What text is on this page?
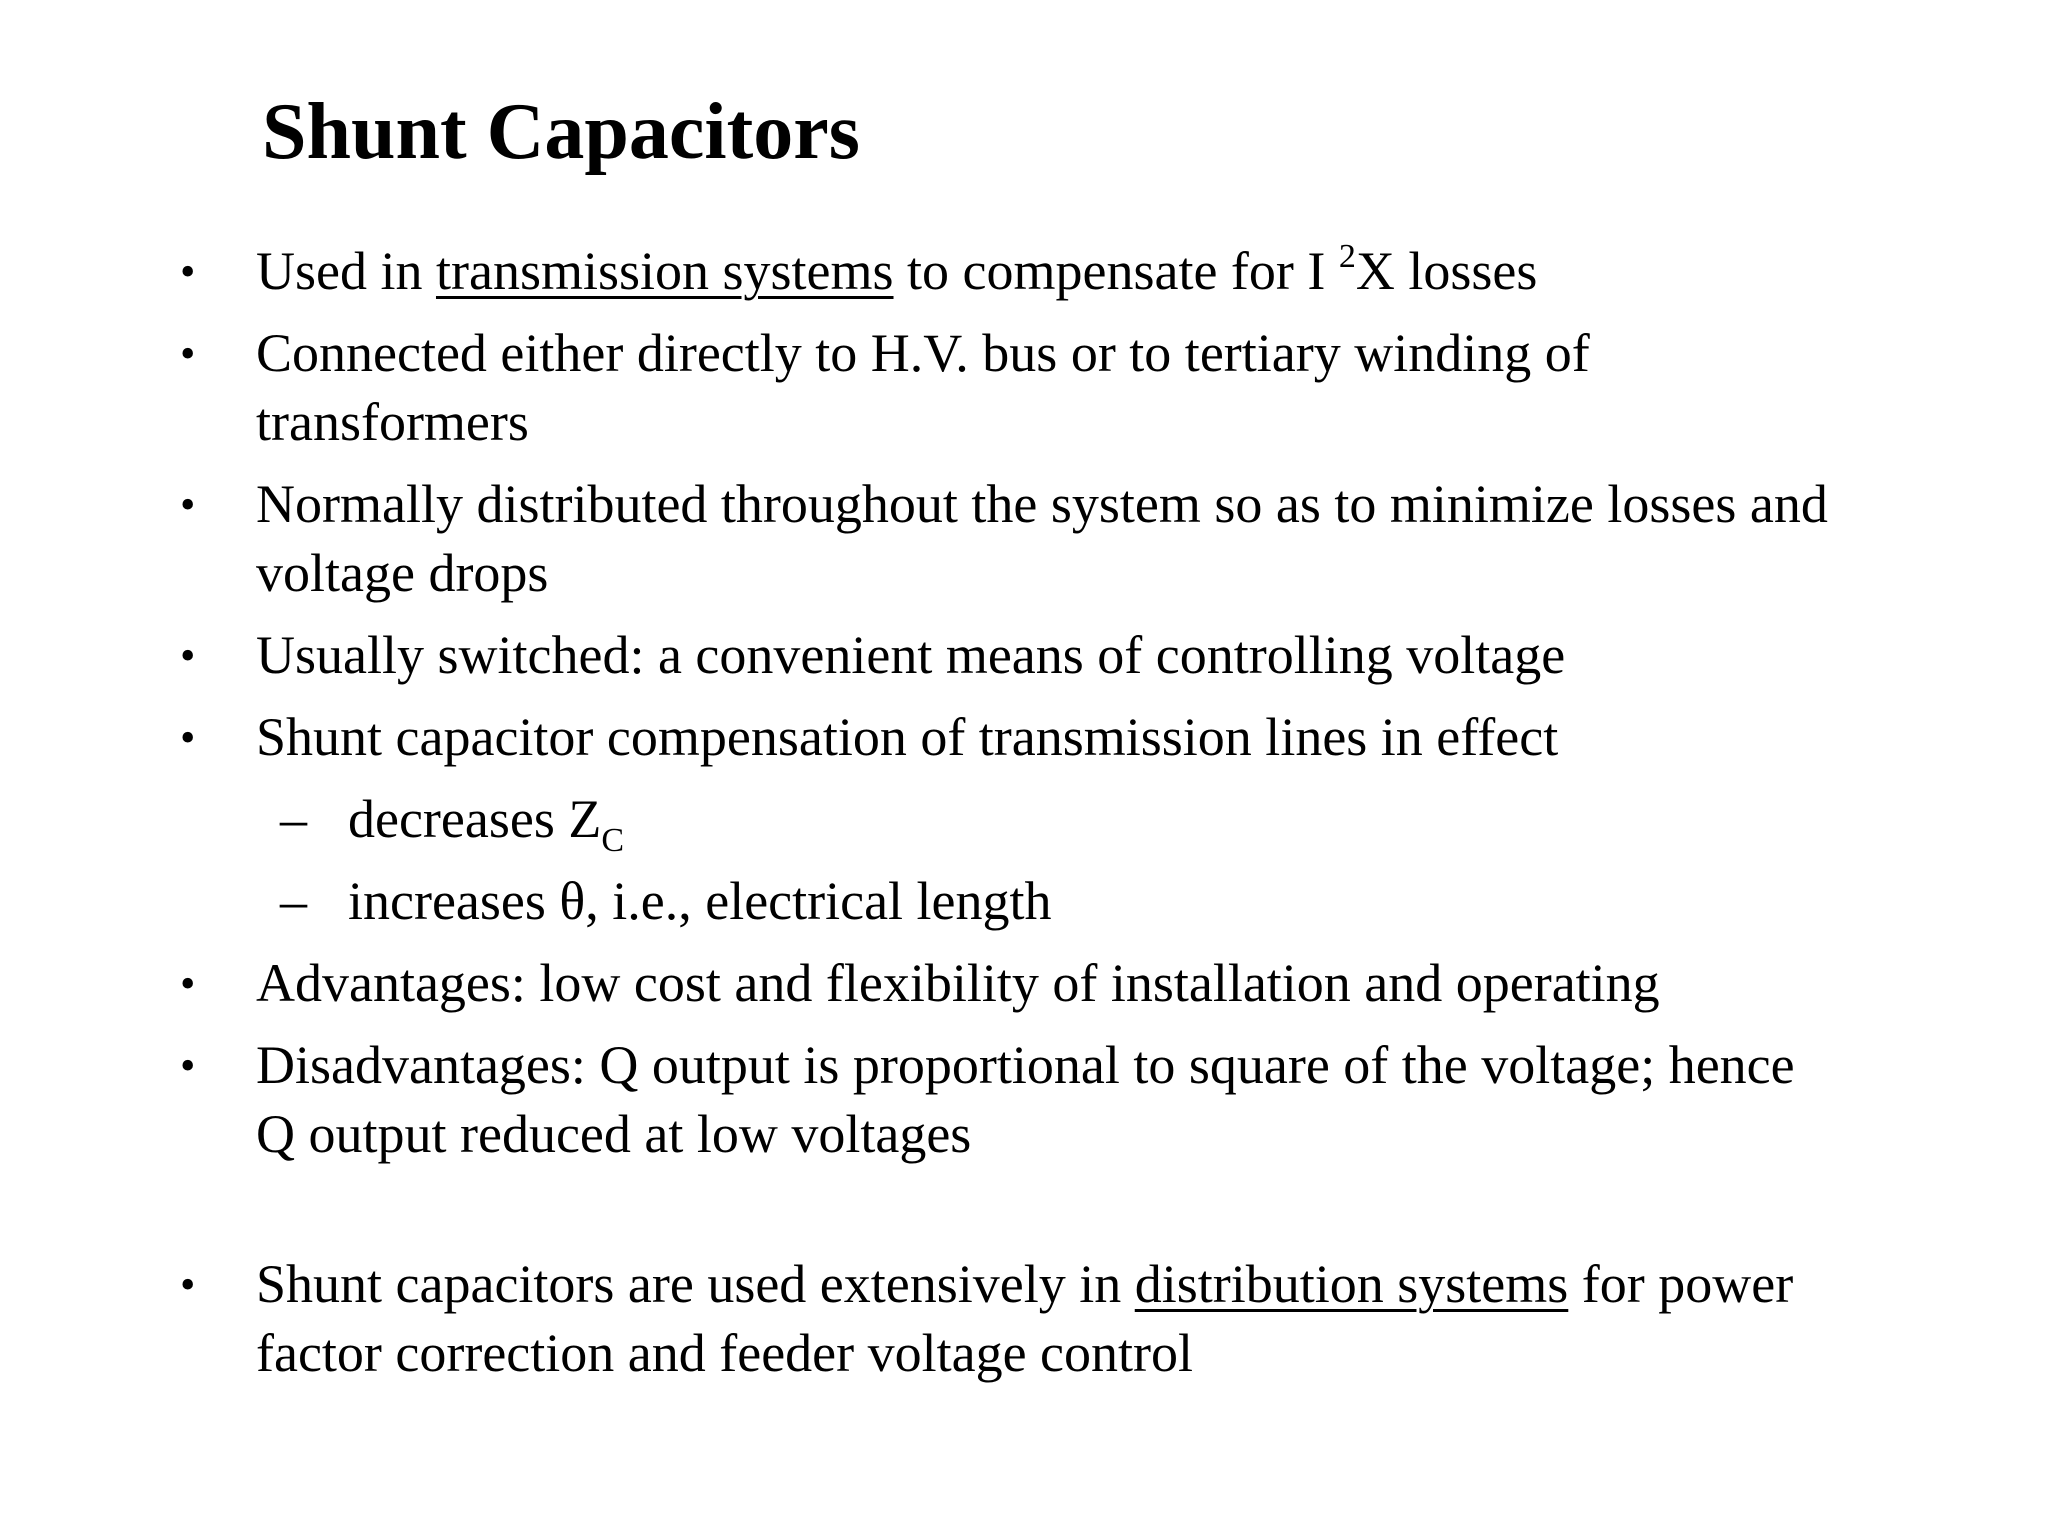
Shunt Capacitors
• Used in transmission systems to compensate for I $^2$X losses
• Connected either directly to H.V. bus or to tertiary winding of
transformers
• Normally distributed throughout the system so as to minimize losses and
voltage drops
• Usually switched: a convenient means of controlling voltage
• Shunt capacitor compensation of transmission lines in effect
– decreases $Z_C$
– increases θ, i.e., electrical length
• Advantages: low cost and flexibility of installation and operating
• Disadvantages: Q output is proportional to square of the voltage; hence
Q output reduced at low voltages
• Shunt capacitors are used extensively in distribution systems for power
factor correction and feeder voltage control
